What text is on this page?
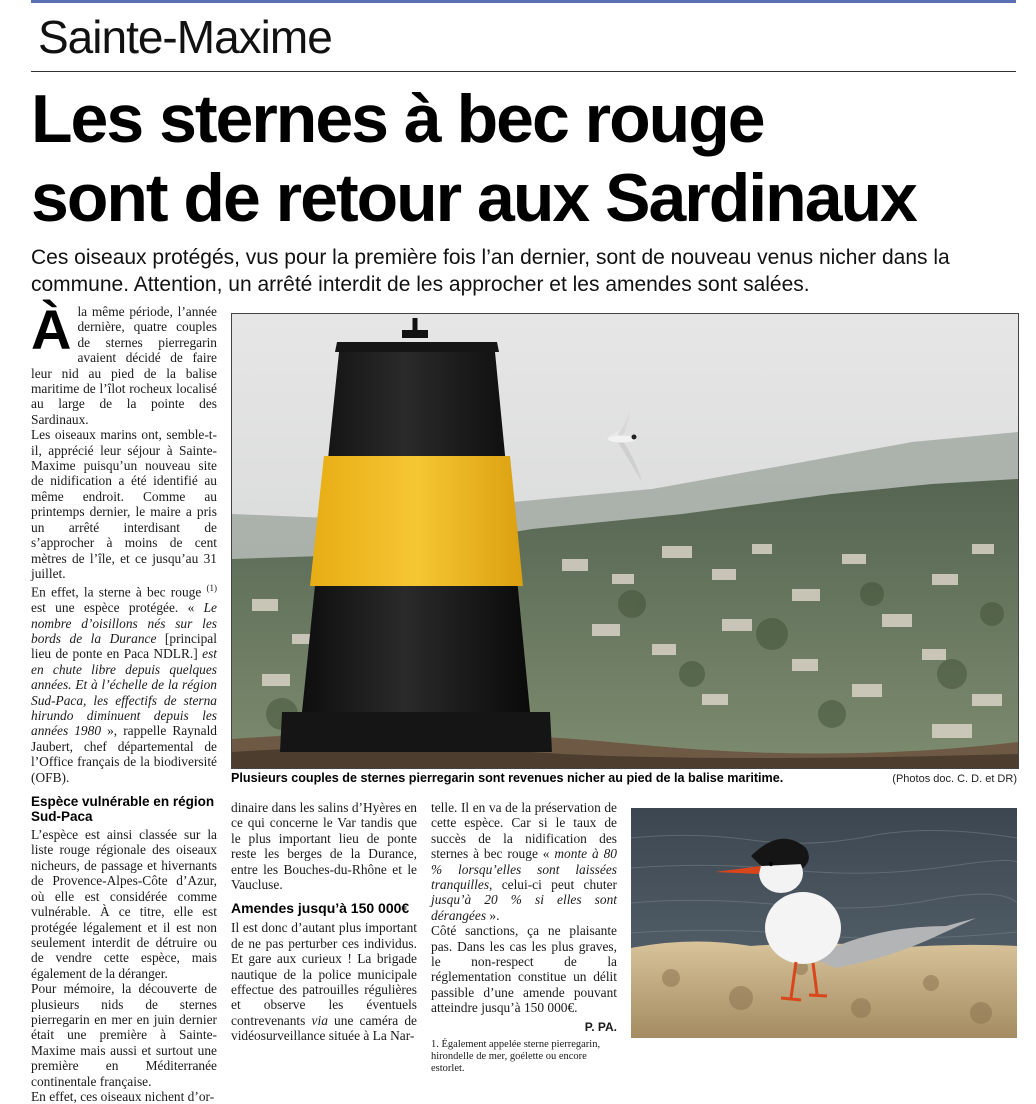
Sainte-Maxime
Les sternes à bec rouge
sont de retour aux Sardinaux

Ces oiseaux protégés, vus pour la première fois l’an dernier, sont de nouveau venus nicher dans la commune. Attention, un arrêté interdit de les approcher et les amendes sont salées.

Àla même période, l’année dernière, quatre couples de sternes pierregarin avaient décidé de faire leur nid au pied de la balise maritime de l’îlot rocheux localisé au large de la pointe des Sardinaux.

Les oiseaux marins ont, semble-t-il, apprécié leur séjour à Sainte-Maxime puisqu’un nouveau site de nidification a été identifié au même endroit. Comme au printemps dernier, le maire a pris un arrêté interdisant de s’approcher à moins de cent mètres de l’île, et ce jusqu’au 31 juillet.

En effet, la sterne à bec rouge $^{(1)}$ est une espèce protégée. « Le nombre d’oisillons nés sur les bords de la Durance [principal lieu de ponte en Paca NDLR.] est en chute libre depuis quelques années. Et à l’échelle de la région Sud-Paca, les effectifs de sterna hirundo diminuent depuis les années 1980 », rappelle Raynald Jaubert, chef départemental de l’Office français de la biodiversité (OFB).

Espèce vulnérable en région Sud-Paca

L’espèce est ainsi classée sur la liste rouge régionale des oiseaux nicheurs, de passage et hivernants de Provence-Alpes-Côte d’Azur, où elle est considérée comme vulnérable. À ce titre, elle est protégée légalement et il est non seulement interdit de détruire ou de vendre cette espèce, mais également de la déranger.

Pour mémoire, la découverte de plusieurs nids de sternes pierregarin en mer en juin dernier était une première à Sainte-Maxime mais aussi et surtout une première en Méditerranée continentale française.

En effet, ces oiseaux nichent d’or-

Plusieurs couples de sternes pierregarin sont revenues nicher au pied de la balise maritime.	(Photos doc. C. D. et DR)

dinaire dans les salins d’Hyères en ce qui concerne le Var tandis que le plus important lieu de ponte reste les berges de la Durance, entre les Bouches-du-Rhône et le Vaucluse.

Amendes jusqu’à 150 000€

Il est donc d’autant plus important de ne pas perturber ces individus. Et gare aux curieux ! La brigade nautique de la police municipale effectue des patrouilles régulières et observe les éventuels contrevenants via une caméra de vidéosurveillance située à La Nar-

telle. Il en va de la préservation de cette espèce. Car si le taux de succès de la nidification des sternes à bec rouge « monte à 80 % lorsqu’elles sont laissées tranquilles, celui-ci peut chuter jusqu’à 20 % si elles sont dérangées ».

Côté sanctions, ça ne plaisante pas. Dans les cas les plus graves, le non-respect de la réglementation constitue un délit passible d’une amende pouvant atteindre jusqu’à 150 000€.

P. PA.

1. Également appelée sterne pierregarin, hirondelle de mer, goélette ou encore estorlet.
